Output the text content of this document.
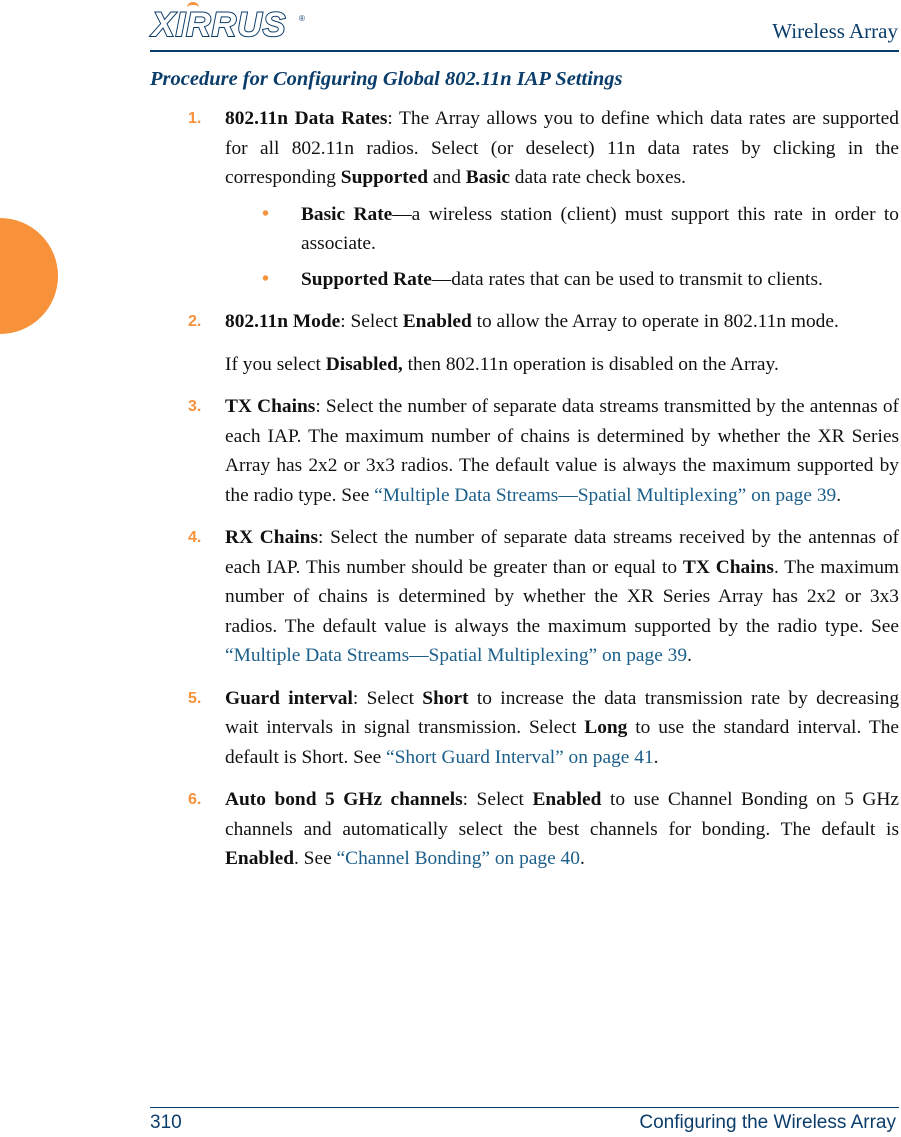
XIRRUS ®
Wireless Array
Procedure for Configuring Global 802.11n IAP Settings
1. 802.11n Data Rates: The Array allows you to define which data rates are supported for all 802.11n radios. Select (or deselect) 11n data rates by clicking in the corresponding Supported and Basic data rate check boxes.
• Basic Rate—a wireless station (client) must support this rate in order to associate.
• Supported Rate—data rates that can be used to transmit to clients.
2. 802.11n Mode: Select Enabled to allow the Array to operate in 802.11n mode.
If you select Disabled, then 802.11n operation is disabled on the Array.
3. TX Chains: Select the number of separate data streams transmitted by the antennas of each IAP. The maximum number of chains is determined by whether the XR Series Array has 2x2 or 3x3 radios. The default value is always the maximum supported by the radio type. See “Multiple Data Streams—Spatial Multiplexing” on page 39.
4. RX Chains: Select the number of separate data streams received by the antennas of each IAP. This number should be greater than or equal to TX Chains. The maximum number of chains is determined by whether the XR Series Array has 2x2 or 3x3 radios. The default value is always the maximum supported by the radio type. See “Multiple Data Streams—Spatial Multiplexing” on page 39.
5. Guard interval: Select Short to increase the data transmission rate by decreasing wait intervals in signal transmission. Select Long to use the standard interval. The default is Short. See “Short Guard Interval” on page 41.
6. Auto bond 5 GHz channels: Select Enabled to use Channel Bonding on 5 GHz channels and automatically select the best channels for bonding. The default is Enabled. See “Channel Bonding” on page 40.
310	Configuring the Wireless Array
